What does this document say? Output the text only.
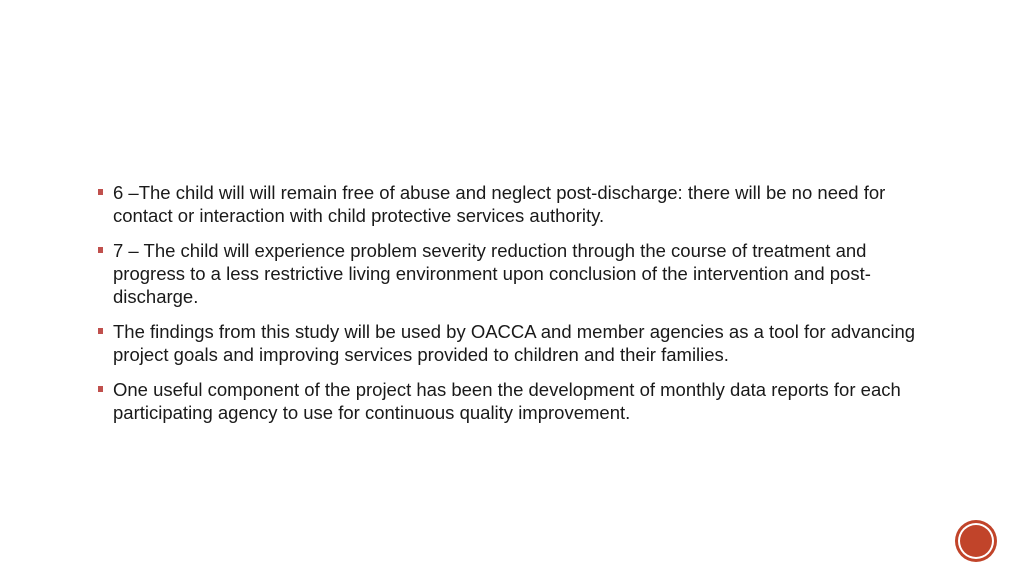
6 –The child will will remain free of abuse and neglect post-discharge: there will be no need for contact or interaction with child protective services authority.
7 – The child will experience problem severity reduction through the course of treatment and progress to a less restrictive living environment upon conclusion of the intervention and post-discharge.
The findings from this study will be used by OACCA and member agencies as a tool for advancing project goals and improving services provided to children and their families.
One useful component of the project has been the development of monthly data reports for each participating agency to use for continuous quality improvement.
